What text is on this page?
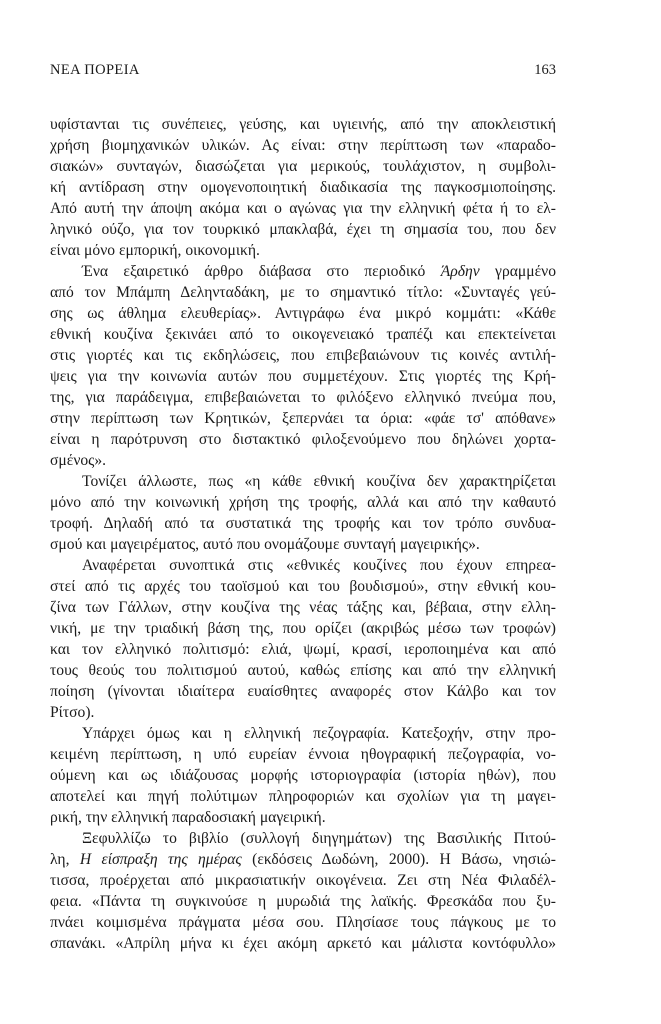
ΝΕΑ ΠΟΡΕΙΑ	163
υφίστανται τις συνέπειες, γεύσης, και υγιεινής, από την αποκλειστική
χρήση βιομηχανικών υλικών. Ας είναι: στην περίπτωση των «παραδο-
σιακών» συνταγών, διασώζεται για μερικούς, τουλάχιστον, η συμβολι-
κή αντίδραση στην ομογενοποιητική διαδικασία της παγκοσμιοποίησης.
Από αυτή την άποψη ακόμα και ο αγώνας για την ελληνική φέτα ή το ελ-
ληνικό ούζο, για τον τουρκικό μπακλαβά, έχει τη σημασία του, που δεν
είναι μόνο εμπορική, οικονομική.
Ένα εξαιρετικό άρθρο διάβασα στο περιοδικό Άρδην γραμμένο
από τον Μπάμπη Δεληνταδάκη, με το σημαντικό τίτλο: «Συνταγές γεύ-
σης ως άθλημα ελευθερίας». Αντιγράφω ένα μικρό κομμάτι: «Κάθε
εθνική κουζίνα ξεκινάει από το οικογενειακό τραπέζι και επεκτείνεται
στις γιορτές και τις εκδηλώσεις, που επιβεβαιώνουν τις κοινές αντιλή-
ψεις για την κοινωνία αυτών που συμμετέχουν. Στις γιορτές της Κρή-
της, για παράδειγμα, επιβεβαιώνεται το φιλόξενο ελληνικό πνεύμα που,
στην περίπτωση των Κρητικών, ξεπερνάει τα όρια: «φάε τσ' απόθανε»
είναι η παρότρυνση στο διστακτικό φιλοξενούμενο που δηλώνει χορτα-
σμένος».
Τονίζει άλλωστε, πως «η κάθε εθνική κουζίνα δεν χαρακτηρίζεται
μόνο από την κοινωνική χρήση της τροφής, αλλά και από την καθαυτό
τροφή. Δηλαδή από τα συστατικά της τροφής και τον τρόπο συνδυα-
σμού και μαγειρέματος, αυτό που ονομάζουμε συνταγή μαγειρικής».
Αναφέρεται συνοπτικά στις «εθνικές κουζίνες που έχουν επηρεα-
στεί από τις αρχές του ταοϊσμού και του βουδισμού», στην εθνική κου-
ζίνα των Γάλλων, στην κουζίνα της νέας τάξης και, βέβαια, στην ελλη-
νική, με την τριαδική βάση της, που ορίζει (ακριβώς μέσω των τροφών)
και τον ελληνικό πολιτισμό: ελιά, ψωμί, κρασί, ιεροποιημένα και από
τους θεούς του πολιτισμού αυτού, καθώς επίσης και από την ελληνική
ποίηση (γίνονται ιδιαίτερα ευαίσθητες αναφορές στον Κάλβο και τον
Ρίτσο).
Υπάρχει όμως και η ελληνική πεζογραφία. Κατεξοχήν, στην προ-
κειμένη περίπτωση, η υπό ευρείαν έννοια ηθογραφική πεζογραφία, νο-
ούμενη και ως ιδιάζουσας μορφής ιστοριογραφία (ιστορία ηθών), που
αποτελεί και πηγή πολύτιμων πληροφοριών και σχολίων για τη μαγει-
ρική, την ελληνική παραδοσιακή μαγειρική.
Ξεφυλλίζω το βιβλίο (συλλογή διηγημάτων) της Βασιλικής Πιτού-
λη, Η είσπραξη της ημέρας (εκδόσεις Δωδώνη, 2000). Η Βάσω, νησιώ-
τισσα, προέρχεται από μικρασιατικήν οικογένεια. Ζει στη Νέα Φιλαδέλ-
φεια. «Πάντα τη συγκινούσε η μυρωδιά της λαϊκής. Φρεσκάδα που ξυ-
πνάει κοιμισμένα πράγματα μέσα σου. Πλησίασε τους πάγκους με το
σπανάκι. «Απρίλη μήνα κι έχει ακόμη αρκετό και μάλιστα κοντόφυλλο»
